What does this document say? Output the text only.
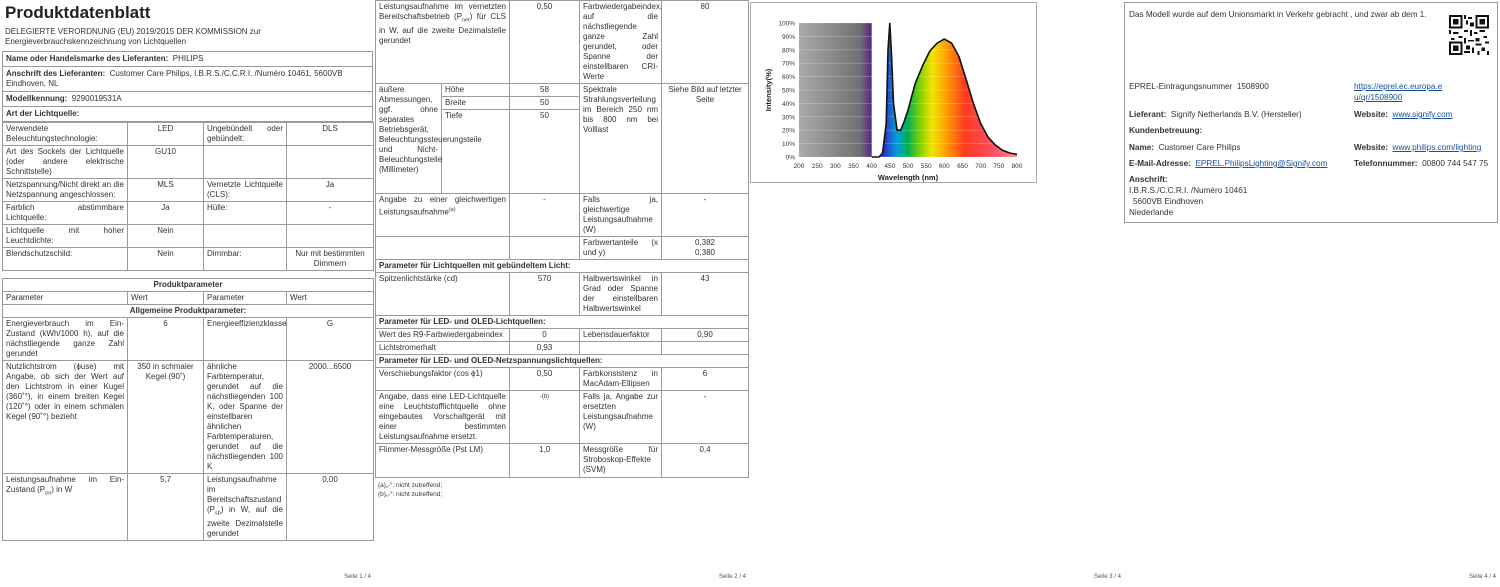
Produktdatenblatt
DELEGIERTE VERORDNUNG (EU) 2019/2015 DER KOMMISSION zur Energieverbrauchskennzeichnung von Lichtquellen
Name oder Handelsmarke des Lieferanten: PHILIPS
Anschrift des Lieferanten: Customer Care Philips, I.B.R.S./C.C.R.I. /Numéro 10461, 5600VB Eindhoven, NL
Modellkennung: 9290019531A
Art der Lichtquelle:
Verwendete Beleuchtungstechnologie:	LED	Ungebündelt oder gebündelt:	DLS
Art des Sockels der Lichtquelle (oder andere elektrische Schnittstelle)	GU10		
Netzspannung/Nicht direkt an die Netzspannung angeschlossen:	MLS	Vernetzte Lichtquelle (CLS):	Ja
Farblich abstimmbare Lichtquelle:	Ja	Hülle:	-
Lichtquelle mit hoher Leuchtdichte:	Nein		
Blendschutzschild:	Nein	Dimmbar:	Nur mit bestimmten Dimmern

Produktparameter			
Parameter	Wert	Parameter	Wert
Allgemeine Produktparameter:			
Energieverbrauch im Ein-Zustand (kWh/1000 h), auf die nächstliegende ganze Zahl gerundet	6	Energieeffizienzklasse	G
Nutzlichtstrom (ϕuse) mit Angabe, ob sich der Wert auf den Lichtstrom in einer Kugel (360˚°), in einem breiten Kegel (120˚°) oder in einem schmalen Kegel (90˚°) bezieht	350 in schmaler Kegel (90˚)	ähnliche Farbtemperatur, gerundet auf die nächstliegenden 100 K, oder Spanne der einstellbaren ähnlichen Farbtemperaturen, gerundet auf die nächstliegenden 100 K	2000...6500
Leistungsaufnahme im Ein-Zustand $(P_{on})$ in W	5,7	Leistungsaufnahme im Bereitschaftszustand $(P_{sb})$ in W, auf die zweite Dezimalstelle gerundet	0,00
Seite 1 / 4
Leistungsaufnahme im vernetzten Bereitschaftsbetrieb $(P_{net})$ für CLS in W, auf die zweite Dezimalstelle gerundet		0,50	Farbwiedergabeindex, auf die nächstliegende ganze Zahl gerundet, oder Spanne der einstellbaren CRI-Werte	80
äußere Abmessungen, ggf. ohne separates Betriebsgerät, Beleuchtungssteuerungsteile und Nicht-Beleuchtungsteile (Millimeter)	Höhe	58	Spektrale Strahlungsverteilung im Bereich 250 nm bis 800 nm bei Volllast	Siehe Bild auf letzter Seite
	Breite	50		
	Tiefe	50		
Angabe zu einer gleichwertigen Leistungsaufnahme$^{(a)}$		-	Falls ja, gleichwertige Leistungsaufnahme (W)	-
			Farbwertanteile (x und y)	0,382
0,380

Parameter für Lichtquellen mit gebündeltem Licht:				
Spitzenlichtstärke (cd)		570	Halbwertswinkel in Grad oder Spanne der einstellbaren Halbwertswinkel	43
Parameter für LED- und OLED-Lichtquellen:				
Wert des R9-Farbwiedergabeindex		0	Lebensdauerfaktor	0,90
Lichtstromerhalt		0,93		
Parameter für LED- und OLED-Netzspannungslichtquellen:				
Verschiebungsfaktor (cos ϕ1)		0,50	Farbkonsistenz in MacAdam-Ellipsen	6
Angabe, dass eine LED-Lichtquelle eine Leuchtstofflichtquelle ohne eingebautes Vorschaltgerät mit einer bestimmten Leistungsaufnahme ersetzt.		-(b)	Falls ja, Angabe zur ersetzten Leistungsaufnahme (W)	-
Flimmer-Messgröße (Pst LM)		1,0	Messgröße für Stroboskop-Effekte (SVM)	0,4
(a)„-“: nicht zutreffend;
(b)„-“: nicht zutreffend;
Seite 2 / 4	Seite 3 / 4
0%
10%
20%
30%
40%
50%
60%
70%
80%
90%
100%
200 250 300 350 400 450 500 550 600 650 700 750 800
Intensity(%)
Wavelength (nm)
Seite 4 / 4
Das Modell wurde auf dem Unionsmarkt in Verkehr gebracht , und zwar ab dem 1.
EPREL-Eintragungsnummer 1508900	https://eprel.ec.europa.eu/qr/1508900
Lieferant: Signify Netherlands B.V. (Hersteller)	Website: www.signify.com
Kundenbetreuung:
Name: Customer Care Philips	Website: www.philips.com/lighting
E-Mail-Adresse: EPREL.PhilipsLighting@Signify.com	Telefonnummer: 00800 744 547 75
Anschrift:
I.B.R.S./C.C.R.I. /Numéro 10461
5600VB Eindhoven
Niederlande
